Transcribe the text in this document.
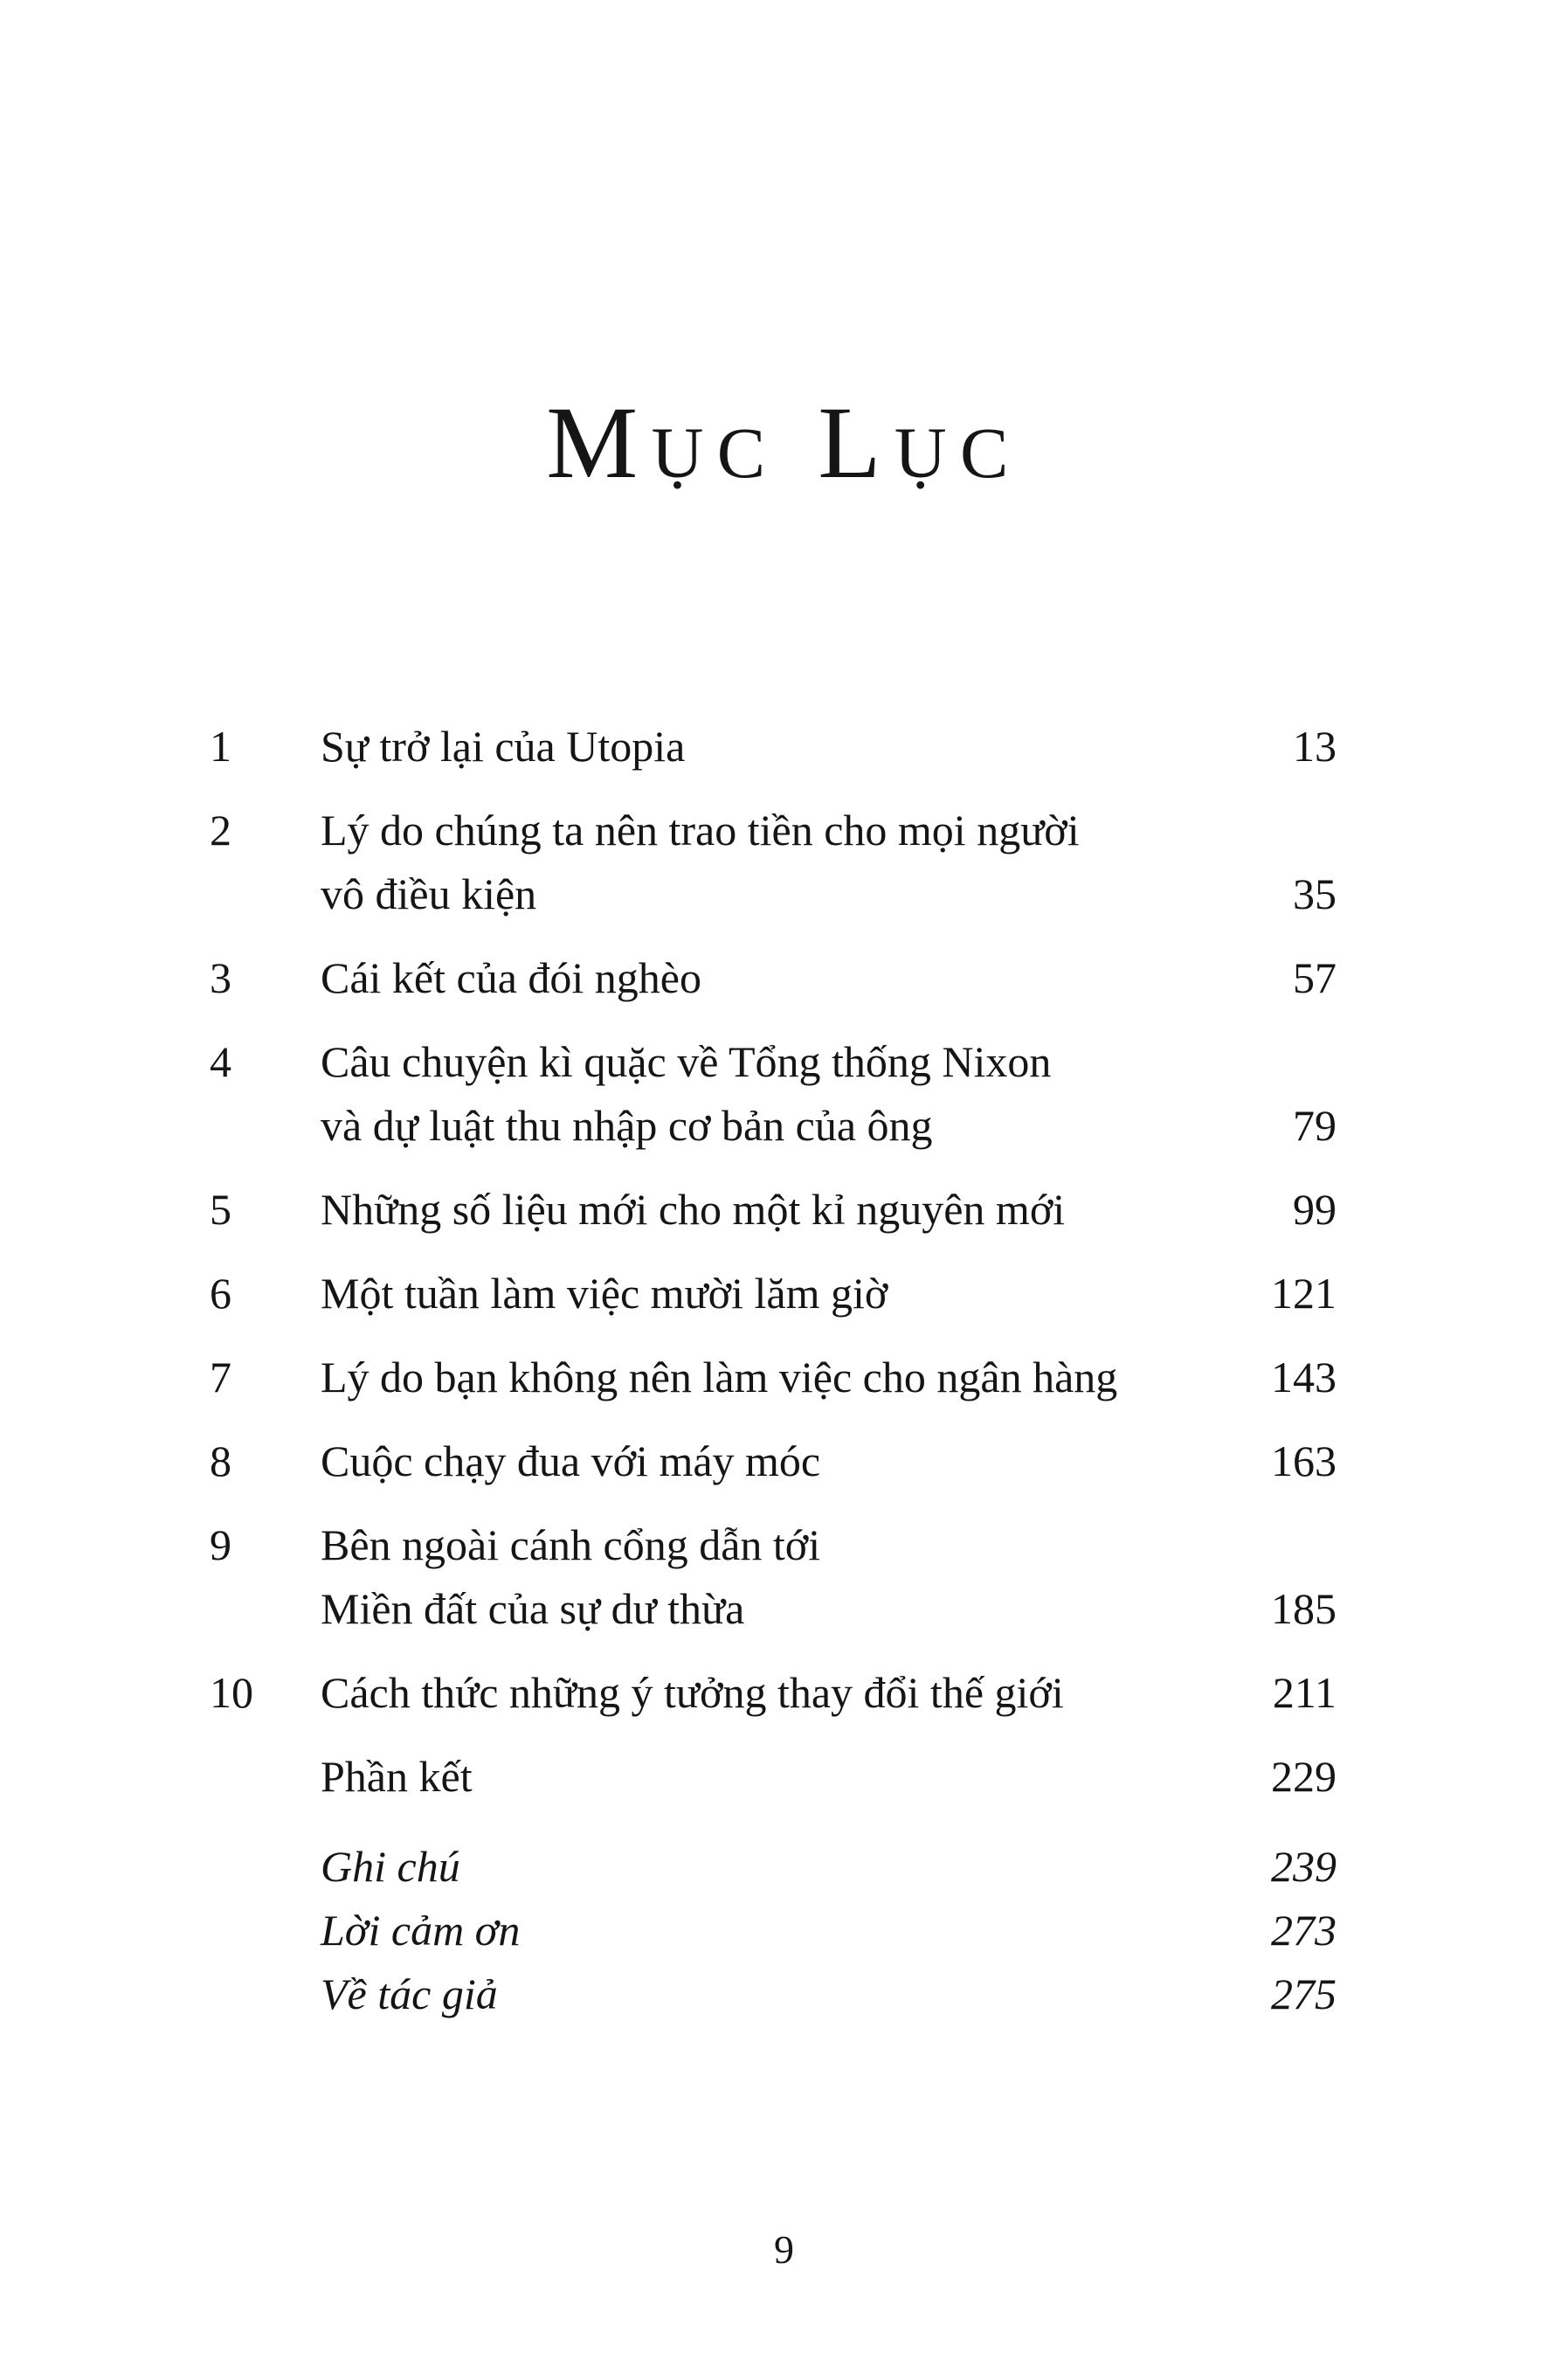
Mục Lục
1	Sự trở lại của Utopia	13
2	Lý do chúng ta nên trao tiền cho mọi người
vô điều kiện	35
3	Cái kết của đói nghèo	57
4	Câu chuyện kì quặc về Tổng thống Nixon
và dự luật thu nhập cơ bản của ông	79
5	Những số liệu mới cho một kỉ nguyên mới	99
6	Một tuần làm việc mười lăm giờ	121
7	Lý do bạn không nên làm việc cho ngân hàng	143
8	Cuộc chạy đua với máy móc	163
9	Bên ngoài cánh cổng dẫn tới
Miền đất của sự dư thừa	185
10	Cách thức những ý tưởng thay đổi thế giới	211
Phần kết	229
Ghi chú	239
Lời cảm ơn	273
Về tác giả	275
9
